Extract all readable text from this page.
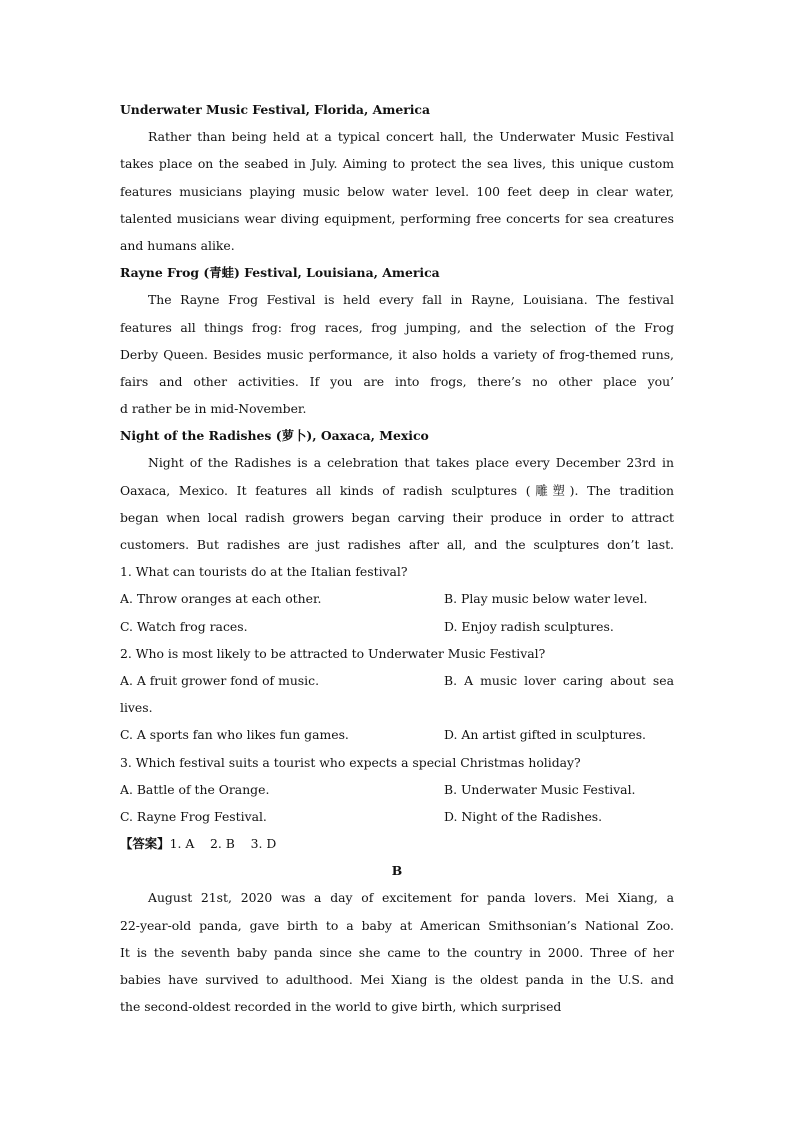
Underwater Music Festival, Florida, America
Rather than being held at a typical concert hall, the Underwater Music Festival
takes place on the seabed in July. Aiming to protect the sea lives, this unique custom
features musicians playing music below water level. 100 feet deep in clear water,
talented musicians wear diving equipment, performing free concerts for sea creatures
and humans alike.
Rayne Frog (青蛙) Festival, Louisiana, America
The Rayne Frog Festival is held every fall in Rayne, Louisiana. The festival
features all things frog: frog races, frog jumping, and the selection of the Frog
Derby Queen. Besides music performance, it also holds a variety of frog-themed runs,
fairs and other activities. If you are into frogs, there’s no other place you’
d rather be in mid-November.
Night of the Radishes (萝卜), Oaxaca, Mexico
Night of the Radishes is a celebration that takes place every December 23rd in
Oaxaca, Mexico. It features all kinds of radish sculptures (雕塑). The tradition
began when local radish growers began carving their produce in order to attract
customers. But radishes are just radishes after all, and the sculptures don’t last.
1. What can tourists do at the Italian festival?
A. Throw oranges at each other.	B. Play music below water level.
C. Watch frog races.	D. Enjoy radish sculptures.
2. Who is most likely to be attracted to Underwater Music Festival?
A. A fruit grower fond of music.	B. A music lover caring about sea
lives.
C. A sports fan who likes fun games.	D. An artist gifted in sculptures.
3. Which festival suits a tourist who expects a special Christmas holiday?
A. Battle of the Orange.	B. Underwater Music Festival.
C. Rayne Frog Festival.	D. Night of the Radishes.
【答案】1. A    2. B    3. D
B
August 21st, 2020 was a day of excitement for panda lovers. Mei Xiang, a
22-year-old panda, gave birth to a baby at American Smithsonian’s National Zoo.
It is the seventh baby panda since she came to the country in 2000. Three of her
babies have survived to adulthood. Mei Xiang is the oldest panda in the U.S. and
the second-oldest recorded in the world to give birth, which surprised
